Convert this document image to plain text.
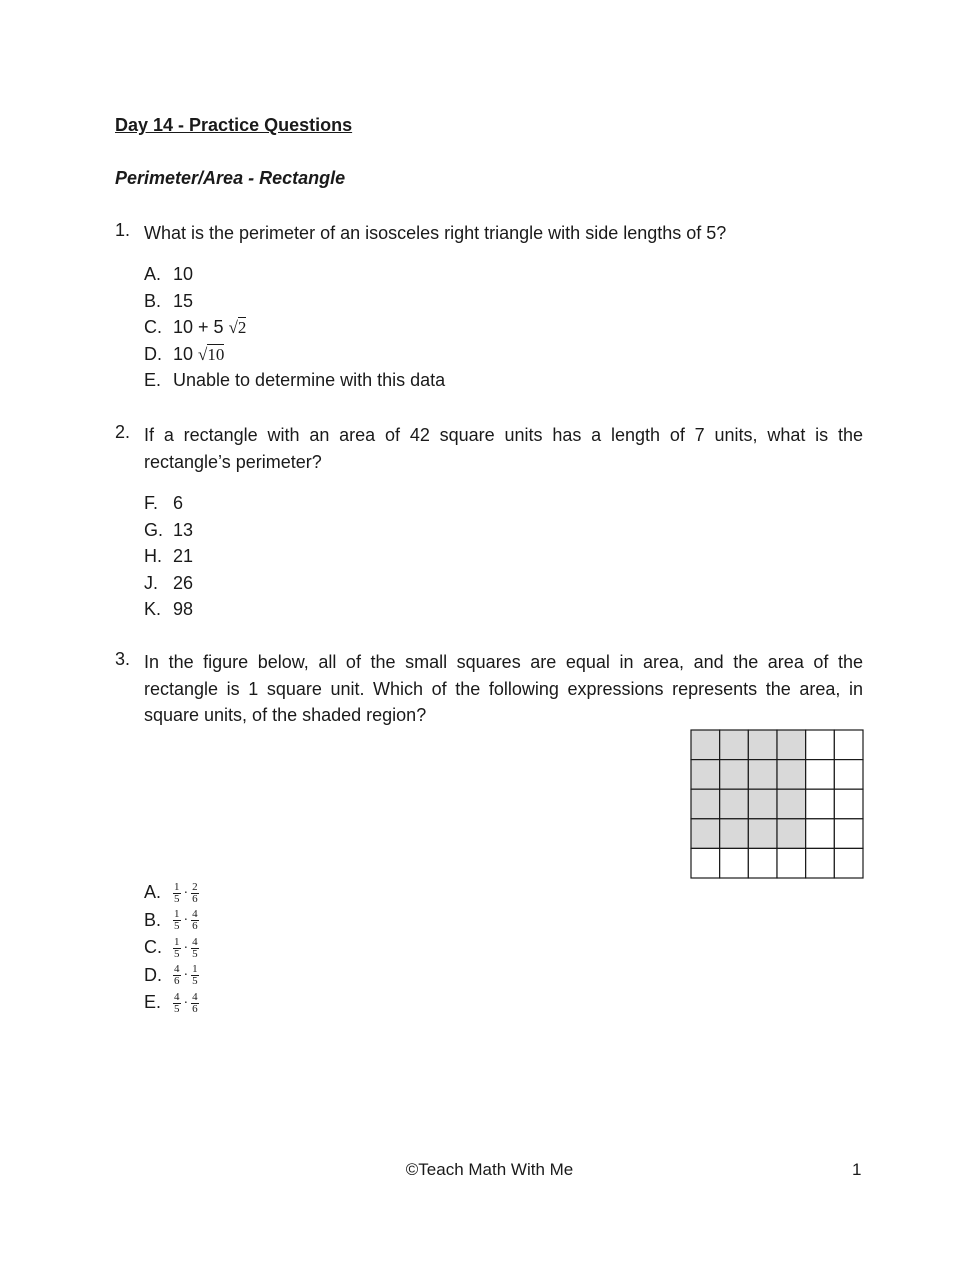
Day 14 - Practice Questions
Perimeter/Area - Rectangle
1. What is the perimeter of an isosceles right triangle with side lengths of 5?
A. 10
B. 15
C. 10 + 5 √2
D. 10 √10
E. Unable to determine with this data
2. If a rectangle with an area of 42 square units has a length of 7 units, what is the rectangle’s perimeter?
F. 6
G. 13
H. 21
J. 26
K. 98
3. In the figure below, all of the small squares are equal in area, and the area of the rectangle is 1 square unit. Which of the following expressions represents the area, in square units, of the shaded region?
A. $\frac{1}{5} \cdot \frac{2}{6}$
B. $\frac{1}{5} \cdot \frac{4}{6}$
C. $\frac{1}{5} \cdot \frac{4}{5}$
D. $\frac{4}{6} \cdot \frac{1}{5}$
E. $\frac{4}{5} \cdot \frac{4}{6}$
©Teach Math With Me	1
